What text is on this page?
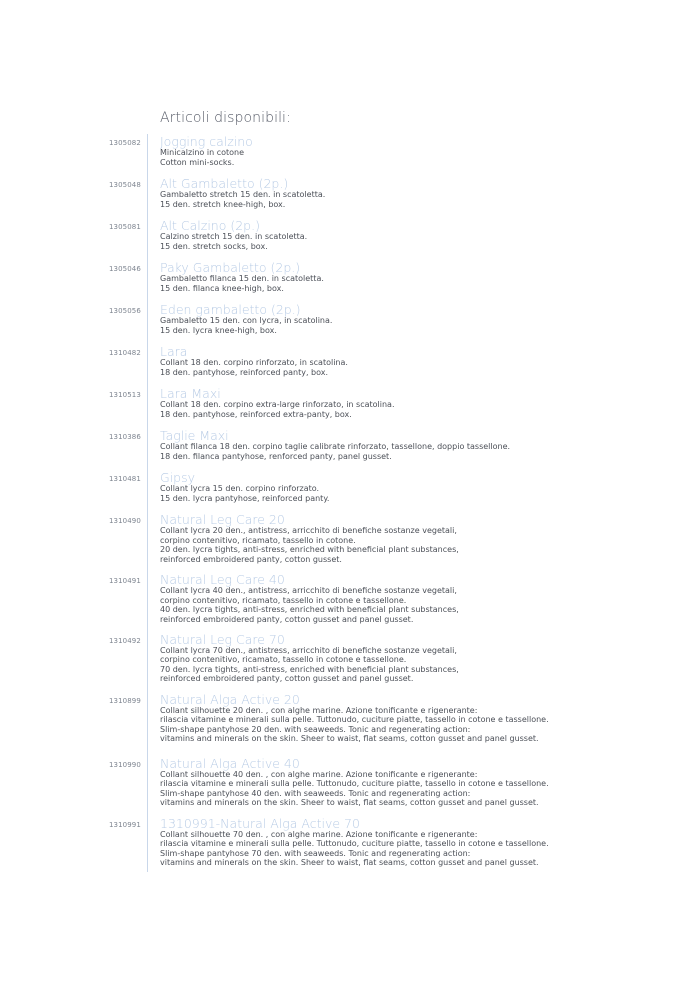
Articoli disponibili:
1305082 Jogging calzino
Minicalzino in cotone
Cotton mini-socks.
1305048 Alt Gambaletto (2p.)
Gambaletto stretch 15 den. in scatoletta.
15 den. stretch knee-high, box.
1305081 Alt Calzino (2p.)
Calzino stretch 15 den. in scatoletta.
15 den. stretch socks, box.
1305046 Paky Gambaletto (2p.)
Gambaletto filanca 15 den. in scatoletta.
15 den. filanca knee-high, box.
1305056 Eden gambaletto (2p.)
Gambaletto 15 den. con lycra, in scatolina.
15 den. lycra knee-high, box.
1310482 Lara
Collant 18 den. corpino rinforzato, in scatolina.
18 den. pantyhose, reinforced panty, box.
1310513 Lara Maxi
Collant 18 den. corpino extra-large rinforzato, in scatolina.
18 den. pantyhose, reinforced extra-panty, box.
1310386 Taglie Maxi
Collant filanca 18 den. corpino taglie calibrate rinforzato, tassellone, doppio tassellone.
18 den. filanca pantyhose, renforced panty, panel gusset.
1310481 Gipsy
Collant lycra 15 den. corpino rinforzato.
15 den. lycra pantyhose, reinforced panty.
1310490 Natural Leg Care 20
Collant lycra 20 den., antistress, arricchito di benefiche sostanze vegetali,
corpino contenitivo, ricamato, tassello in cotone.
20 den. lycra tights, anti-stress, enriched with beneficial plant substances,
reinforced embroidered panty, cotton gusset.
1310491 Natural Leg Care 40
Collant lycra 40 den., antistress, arricchito di benefiche sostanze vegetali,
corpino contenitivo, ricamato, tassello in cotone e tassellone.
40 den. lycra tights, anti-stress, enriched with beneficial plant substances,
reinforced embroidered panty, cotton gusset and panel gusset.
1310492 Natural Leg Care 70
Collant lycra 70 den., antistress, arricchito di benefiche sostanze vegetali,
corpino contenitivo, ricamato, tassello in cotone e tassellone.
70 den. lycra tights, anti-stress, enriched with beneficial plant substances,
reinforced embroidered panty, cotton gusset and panel gusset.
1310899 Natural Alga Active 20
Collant silhouette 20 den. , con alghe marine. Azione tonificante e rigenerante:
rilascia vitamine e minerali sulla pelle. Tuttonudo, cuciture piatte, tassello in cotone e tassellone.
Slim-shape pantyhose 20 den. with seaweeds. Tonic and regenerating action:
vitamins and minerals on the skin. Sheer to waist, flat seams, cotton gusset and panel gusset.
1310990 Natural Alga Active 40
Collant silhouette 40 den. , con alghe marine. Azione tonificante e rigenerante:
rilascia vitamine e minerali sulla pelle. Tuttonudo, cuciture piatte, tassello in cotone e tassellone.
Slim-shape pantyhose 40 den. with seaweeds. Tonic and regenerating action:
vitamins and minerals on the skin. Sheer to waist, flat seams, cotton gusset and panel gusset.
1310991 1310991-Natural Alga Active 70
Collant silhouette 70 den. , con alghe marine. Azione tonificante e rigenerante:
rilascia vitamine e minerali sulla pelle. Tuttonudo, cuciture piatte, tassello in cotone e tassellone.
Slim-shape pantyhose 70 den. with seaweeds. Tonic and regenerating action:
vitamins and minerals on the skin. Sheer to waist, flat seams, cotton gusset and panel gusset.
